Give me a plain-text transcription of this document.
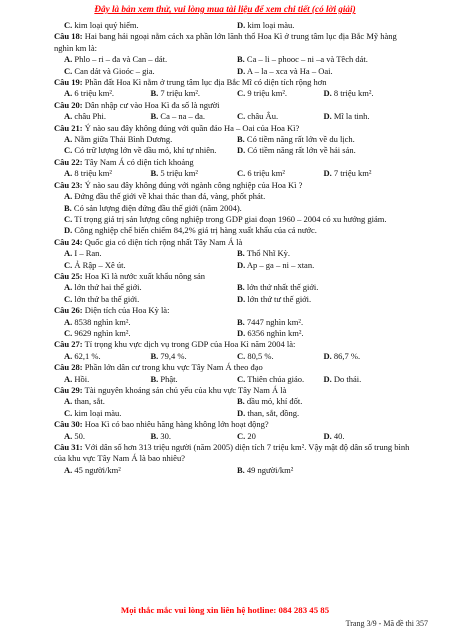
Đây là bản xem thử, vui lòng mua tài liệu để xem chi tiết (có lời giải)
C. kim loại quý hiếm.	D. kim loại màu.
Câu 18: Hai bang hải ngoại nằm cách xa phần lớn lãnh thổ Hoa Kì ở trung tâm lục địa Bắc Mỹ hàng nghìn km là:
A. Phlo – ri – đa và Can – dát.	B. Ca – li – phooc – ni –a và Têch dát.
C. Can dát và Gioóc – gia.	D. A – la – xca và Ha – Oai.
Câu 19: Phần đất Hoa Kì nằm ở trung tâm lục địa Bắc Mĩ có diện tích rộng hơn
A. 6 triệu km².	B. 7 triệu km².	C. 9 triệu km².	D. 8 triệu km².
Câu 20: Dân nhập cư vào Hoa Kì đa số là người
A. châu Phi.	B. Ca – na – đa.	C. châu Âu.	D. Mĩ la tinh.
Câu 21: Ý nào sau đây không đúng với quần đảo Ha – Oai của Hoa Kì?
A. Nằm giữa Thái Bình Dương.	B. Có tiềm năng rất lớn về du lịch.
C. Có trữ lượng lớn về dầu mỏ, khí tự nhiên.	D. Có tiềm năng rất lớn về hải sản.
Câu 22: Tây Nam Á có diện tích khoảng
A. 8 triệu km²	B. 5 triệu km²	C. 6 triệu km²	D. 7 triệu km²
Câu 23: Ý nào sau đây không đúng với ngành công nghiệp của Hoa Kì ?
A. Đứng đầu thế giới về khai thác than đá, vàng, phốt phát.
B. Có sản lượng điện đứng đầu thế giới (năm 2004).
C. Tỉ trọng giá trị sản lượng công nghiệp trong GDP giai đoạn 1960 – 2004 có xu hướng giảm.
D. Công nghiệp chế biến chiếm 84,2% giá trị hàng xuất khẩu của cả nước.
Câu 24: Quốc gia có diện tích rộng nhất Tây Nam Á là
A. I – Ran.	B. Thổ Nhĩ Kỳ.
C. Ả Rập – Xê út.	D. Ap – ga – ni – xtan.
Câu 25: Hoa Kì là nước xuất khẩu nông sản
A. lớn thứ hai thế giới.	B. lớn thứ nhất thế giới.
C. lớn thứ ba thế giới.	D. lớn thứ tư thế giới.
Câu 26: Diện tích của Hoa Kỳ là:
A. 8538 nghìn km².	B. 7447 nghìn km².
C. 9629 nghìn km².	D. 6356 nghìn km².
Câu 27: Tỉ trọng khu vực dịch vụ trong GDP của Hoa Kì năm 2004 là:
A. 62,1 %.	B. 79,4 %.	C. 80,5 %.	D. 86,7 %.
Câu 28: Phần lớn dân cư trong khu vực Tây Nam Á theo đạo
A. Hồi.	B. Phật.	C. Thiên chúa giáo.	D. Do thái.
Câu 29: Tài nguyên khoáng sản chủ yếu của khu vực Tây Nam Á là
A. than, sắt.	B. dầu mỏ, khí đốt.
C. kim loại màu.	D. than, sắt, đồng.
Câu 30: Hoa Kì có bao nhiêu hãng hàng không lớn hoạt động?
A. 50.	B. 30.	C. 20	D. 40.
Câu 31: Với dân số hơn 313 triệu người (năm 2005) diện tích 7 triệu km². Vậy mật độ dân số trung bình của khu vực Tây Nam Á là bao nhiêu?
A. 45 người/km²	B. 49 người/km²
Mọi thắc mắc vui lòng xin liên hệ hotline: 084 283 45 85
Trang 3/9 - Mã đề thi 357
